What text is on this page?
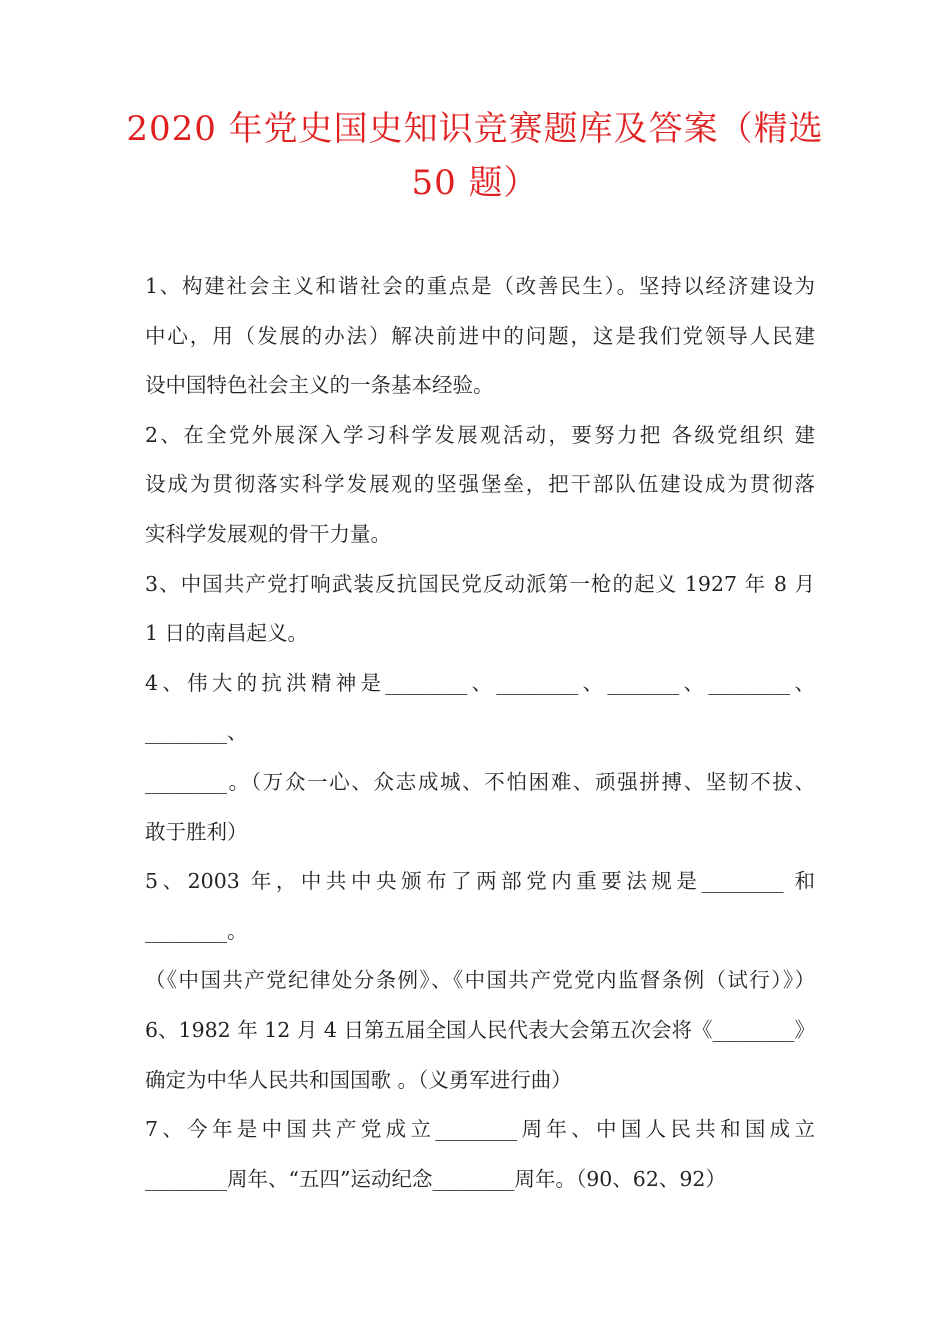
2020 年党史国史知识竞赛题库及答案（精选
50 题）
1、构建社会主义和谐社会的重点是（改善民生）。坚持以经济建设为
中心，用（发展的办法）解决前进中的问题，这是我们党领导人民建
设中国特色社会主义的一条基本经验。
2、在全党外展深入学习科学发展观活动，要努力把 各级党组织 建
设成为贯彻落实科学发展观的坚强堡垒，把干部队伍建设成为贯彻落
实科学发展观的骨干力量。
3、中国共产党打响武装反抗国民党反动派第一枪的起义 1927 年 8 月
1 日的南昌起义。
4、伟大的抗洪精神是________、________、_______、________、
________、
________。（万众一心、众志成城、不怕困难、顽强拼搏、坚韧不拔、
敢于胜利）
5、2003 年，中共中央颁布了两部党内重要法规是________ 和
________。
（《中国共产党纪律处分条例》、《中国共产党党内监督条例（试行）》）
6、1982 年 12 月 4 日第五届全国人民代表大会第五次会将《________》
确定为中华人民共和国国歌 。（义勇军进行曲）
7、今年是中国共产党成立________周年、中国人民共和国成立
________周年、“五四”运动纪念________周年。（90、62、92）
